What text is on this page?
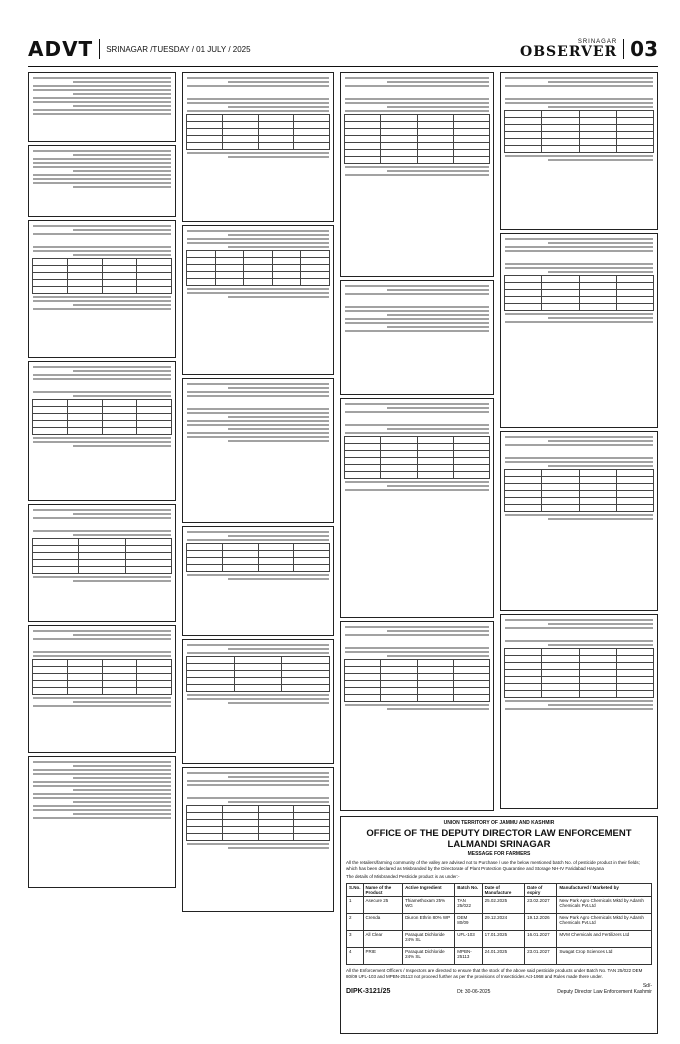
ADVT SRINAGAR /TUESDAY / 01 JULY / 2025
SRINAGAR
OBSERVER 03

UNION TERRITORY OF JAMMU AND KASHMIR
OFFICE OF THE DEPUTY DIRECTOR LAW ENFORCEMENT LALMANDI SRINAGAR
MESSAGE FOR FARMERS
All the retailers/farming community of the valley are advised not to Purchase / use the below mentioned batch No. of pesticide product in their fields; which has been declared as Misbranded by the Directorate of Plant Protection Quarantine and Storage NH-IV Faridabad Haryana
The details of Misbranded Pesticide product is as under:-
S.No.	Name of the Product	Active Ingredient	Batch No.	Date of Manufacture	Date of expiry	Manufactured / Marketed by
1	Asecure 25	Thiamethoxam 25% WG	TAN 25/022	25.02.2025	23.02.2027	New Park Agro Chemicals Mktd by Adarsh Chemicals Pvt.Ltd
2	Crenda	Diuron Ethrin 80% WP	DEM 80/09	29.12.2024	19.12.2026	New Park Agro Chemicals Mktd by Adarsh Chemicals Pvt.Ltd
3	All Clear	Paraquat Dichloride 24% SL	UFL-103	17.01.2025	16.01.2027	MVM Chemicals and Fertilizers Ltd
4	PRIE	Paraquat Dichloride 24% SL	MPBN-25113	24.01.2025	23.01.2027	Swagat Crop Sciences Ltd
All the Enforcement Officers / Inspectors are directed to ensure that the stock of the above said pesticide products under Batch No. TAN 25/022 DEM 80/09 UFL-103 and MPBN-25113 not proceed further as per the provisions of Insecticides Act-1968 and Rules made there under.
DIPK-3121/25	Dt: 30-06-2025
Sd/-
Deputy Director Law Enforcement Kashmir
